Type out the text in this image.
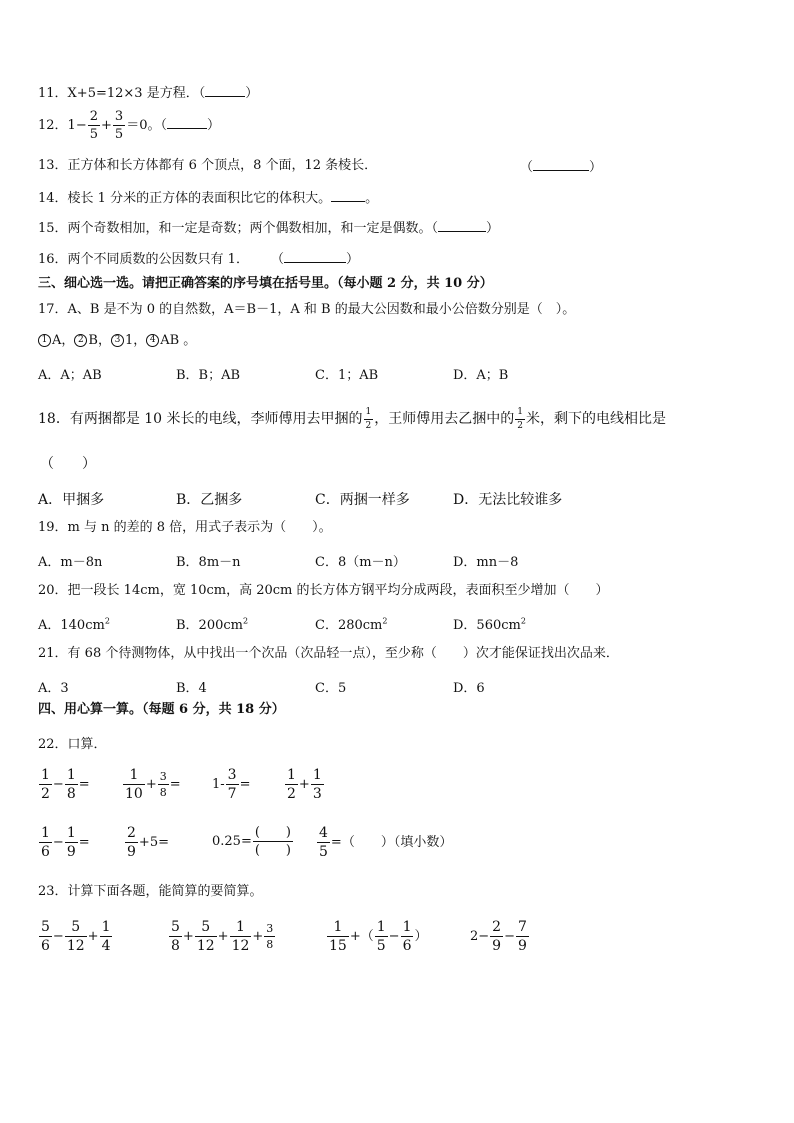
11．X+5=12×3 是方程．（	）
12．$1- \frac{2}{5} + \frac{3}{5} =0$。（	）
13．正方体和长方体都有 6 个顶点，8 个面，12 条棱长．	（	）
14．棱长 1 分米的正方体的表面积比它的体积大。	。
15．两个奇数相加，和一定是奇数；两个偶数相加，和一定是偶数。（	）
16．两个不同质数的公因数只有 1． （	）
三、细心选一选。请把正确答案的序号填在括号里。（每小题 2 分，共 10 分）
17．A、B 是不为 0 的自然数，A＝B－1，A 和 B 的最大公因数和最小公倍数分别是（　）。
1 A， 2 B， 3 1， 4 AB 。
A．A；AB	B．B；AB	C．1；AB	D．A；B
18．有两捆都是 10 米长的电线，李师傅用去甲捆的 $\frac{1}{2}$ ，王师傅用去乙捆中的 $\frac{1}{2}$ 米，剩下的电线相比是
（　　）
A．甲捆多	B．乙捆多	C．两捆一样多	D．无法比较谁多
19．m 与 n 的差的 8 倍，用式子表示为（　　）。
A．m－8n	B．8m－n	C．8（m－n）	D．mn－8
20．把一段长 14cm，宽 10cm，高 20cm 的长方体方钢平均分成两段，表面积至少增加（　　）
A．$140cm^2$	B．$200cm^2$	C．$280cm^2$	D．$560cm^2$
21．有 68 个待测物体，从中找出一个次品（次品轻一点），至少称（　　）次才能保证找出次品来．
A．3	B．4	C．5	D．6
四、用心算一算。（每题 6 分，共 18 分）
22．口算．
$\frac{1}{2} - \frac{1}{8} = \frac{1}{10} + \frac{3}{8} = 1- \frac{3}{7} = \frac{1}{2} + \frac{1}{3}$
$\frac{1}{6} - \frac{1}{9}$ =	$\frac{2}{9} +5=$	$0.25= \frac{( )}{( )} \frac{4}{5}$ =（　　）（填小数）
23．计算下面各题，能简算的要简算。
$\frac{5}{6} - \frac{5}{12} + \frac{1}{4}$	$\frac{5}{8} + \frac{5}{12} + \frac{1}{12} + \frac{3}{8}$	$\frac{1}{15}$ +（ $\frac{1}{5} - \frac{1}{6}$ ）	$2- \frac{2}{9} - \frac{7}{9}$
